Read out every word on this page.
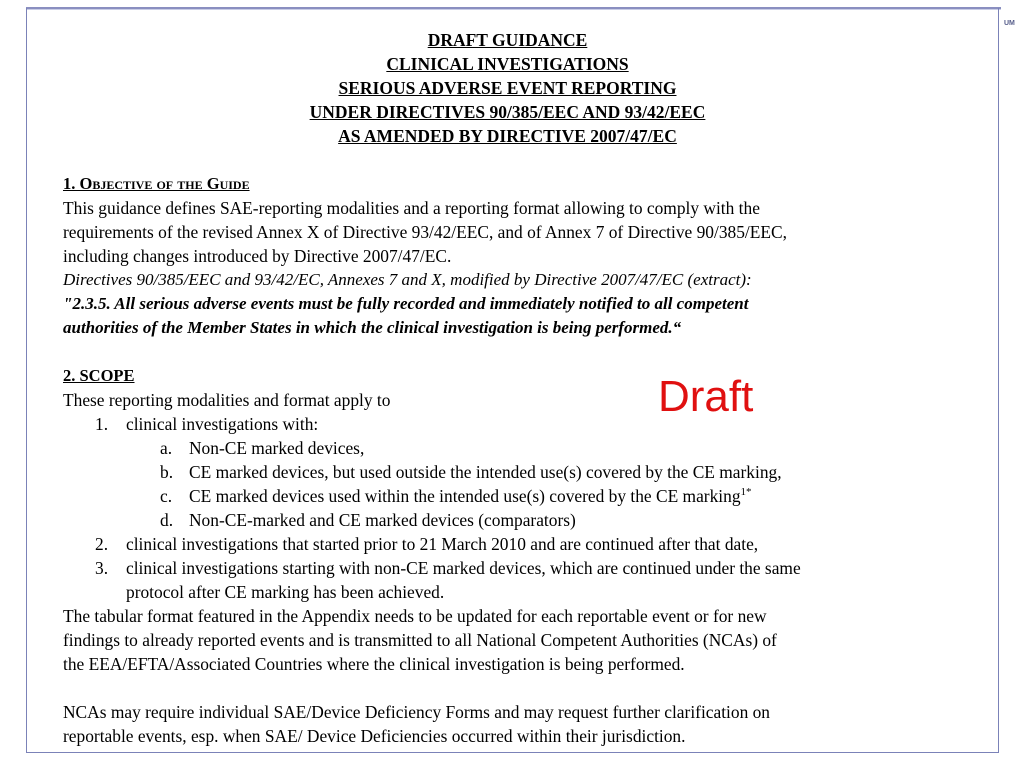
UM
DRAFT GUIDANCE
CLINICAL INVESTIGATIONS
SERIOUS ADVERSE EVENT REPORTING
UNDER DIRECTIVES 90/385/EEC AND 93/42/EEC
AS AMENDED BY DIRECTIVE 2007/47/EC
1. Objective of the Guide
This guidance defines SAE-reporting modalities and a reporting format allowing to comply with the
requirements of the revised Annex X of Directive 93/42/EEC, and of Annex 7 of Directive 90/385/EEC,
including changes introduced by Directive 2007/47/EC.
Directives 90/385/EEC and 93/42/EC, Annexes 7 and X, modified by Directive 2007/47/EC (extract):
"2.3.5. All serious adverse events must be fully recorded and immediately notified to all competent
authorities of the Member States in which the clinical investigation is being performed.“
2. SCOPE
These reporting modalities and format apply to
1. clinical investigations with:
a. Non-CE marked devices,
b. CE marked devices, but used outside the intended use(s) covered by the CE marking,
c. CE marked devices used within the intended use(s) covered by the CE marking$^{1*}$
d. Non-CE-marked and CE marked devices (comparators)
2. clinical investigations that started prior to 21 March 2010 and are continued after that date,
3. clinical investigations starting with non-CE marked devices, which are continued under the same
protocol after CE marking has been achieved.
The tabular format featured in the Appendix needs to be updated for each reportable event or for new
findings to already reported events and is transmitted to all National Competent Authorities (NCAs) of
the EEA/EFTA/Associated Countries where the clinical investigation is being performed.
NCAs may require individual SAE/Device Deficiency Forms and may request further clarification on
reportable events, esp. when SAE/ Device Deficiencies occurred within their jurisdiction.
Draft
